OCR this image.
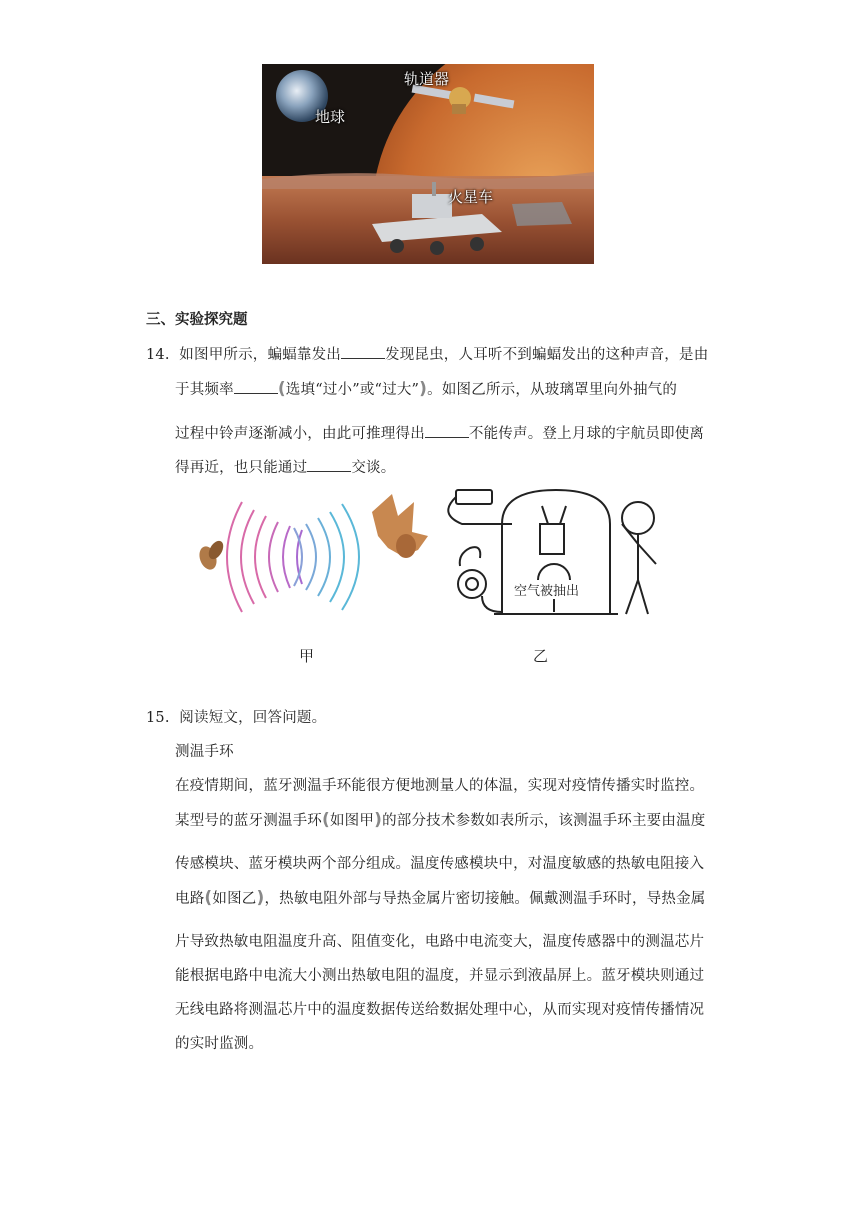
轨道器
地球
火星车
三、实验探究题
14. 如图甲所示，蝙蝠靠发出	发现昆虫，人耳听不到蝙蝠发出的这种声音，是由
于其频率	(选填“过小”或“过大”)。如图乙所示，从玻璃罩里向外抽气的
过程中铃声逐渐减小，由此可推理得出	不能传声。登上月球的宇航员即使离
得再近，也只能通过	交谈。
空气被抽出
甲	乙
15. 阅读短文，回答问题。
测温手环
在疫情期间，蓝牙测温手环能很方便地测量人的体温，实现对疫情传播实时监控。
某型号的蓝牙测温手环(如图甲)的部分技术参数如表所示，该测温手环主要由温度
传感模块、蓝牙模块两个部分组成。温度传感模块中，对温度敏感的热敏电阻接入
电路(如图乙)，热敏电阻外部与导热金属片密切接触。佩戴测温手环时，导热金属
片导致热敏电阻温度升高、阻值变化，电路中电流变大，温度传感器中的测温芯片
能根据电路中电流大小测出热敏电阻的温度，并显示到液晶屏上。蓝牙模块则通过
无线电路将测温芯片中的温度数据传送给数据处理中心，从而实现对疫情传播情况
的实时监测。
